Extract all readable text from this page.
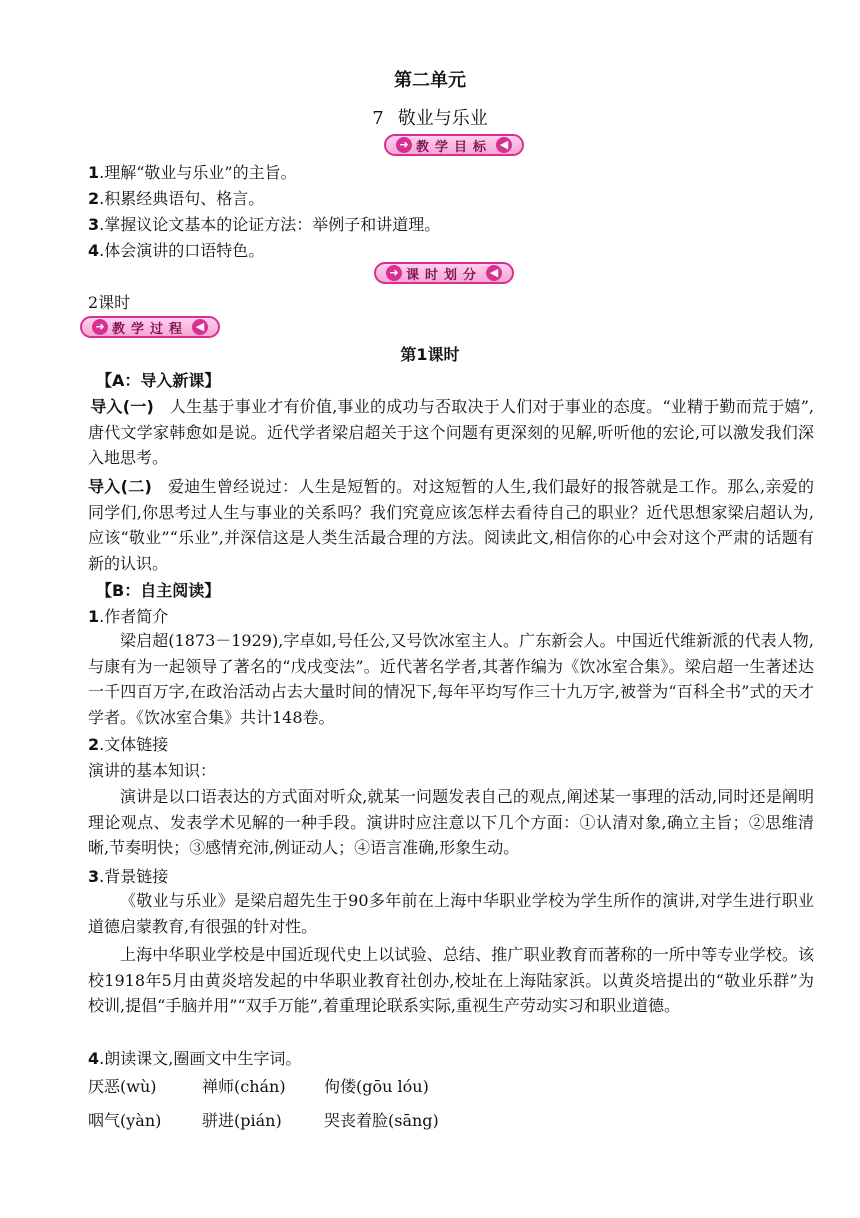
第二单元
7 敬业与乐业
➜ 教学目标 ◀
1.理解“敬业与乐业”的主旨。
2.积累经典语句、格言。
3.掌握议论文基本的论证方法：举例子和讲道理。
4.体会演讲的口语特色。
➜ 课时划分 ◀
2课时
➜ 教学过程 ◀
第1课时
【A：导入新课】
导入(一) 人生基于事业才有价值,事业的成功与否取决于人们对于事业的态度。“业精于勤而荒于嬉”,唐代文学家韩愈如是说。近代学者梁启超关于这个问题有更深刻的见解,听听他的宏论,可以激发我们深入地思考。
导入(二) 爱迪生曾经说过：人生是短暂的。对这短暂的人生,我们最好的报答就是工作。那么,亲爱的同学们,你思考过人生与事业的关系吗？我们究竟应该怎样去看待自己的职业？近代思想家梁启超认为,应该“敬业”“乐业”,并深信这是人类生活最合理的方法。阅读此文,相信你的心中会对这个严肃的话题有新的认识。
【B：自主阅读】
1.作者简介
梁启超(1873－1929),字卓如,号任公,又号饮冰室主人。广东新会人。中国近代维新派的代表人物,与康有为一起领导了著名的“戊戌变法”。近代著名学者,其著作编为《饮冰室合集》。梁启超一生著述达一千四百万字,在政治活动占去大量时间的情况下,每年平均写作三十九万字,被誉为“百科全书”式的天才学者。《饮冰室合集》共计148卷。
2.文体链接
演讲的基本知识：
演讲是以口语表达的方式面对听众,就某一问题发表自己的观点,阐述某一事理的活动,同时还是阐明理论观点、发表学术见解的一种手段。演讲时应注意以下几个方面：①认清对象,确立主旨；②思维清晰,节奏明快；③感情充沛,例证动人；④语言准确,形象生动。
3.背景链接
《敬业与乐业》是梁启超先生于90多年前在上海中华职业学校为学生所作的演讲,对学生进行职业道德启蒙教育,有很强的针对性。
上海中华职业学校是中国近现代史上以试验、总结、推广职业教育而著称的一所中等专业学校。该校1918年5月由黄炎培发起的中华职业教育社创办,校址在上海陆家浜。以黄炎培提出的“敬业乐群”为校训,提倡“手脑并用”“双手万能”,着重理论联系实际,重视生产劳动实习和职业道德。
4.朗读课文,圈画文中生字词。
厌恶(wù)	禅师(chán) 佝偻(gōu lóu)
咽气(yàn)	骈进(pián)	哭丧着脸(sāng)
